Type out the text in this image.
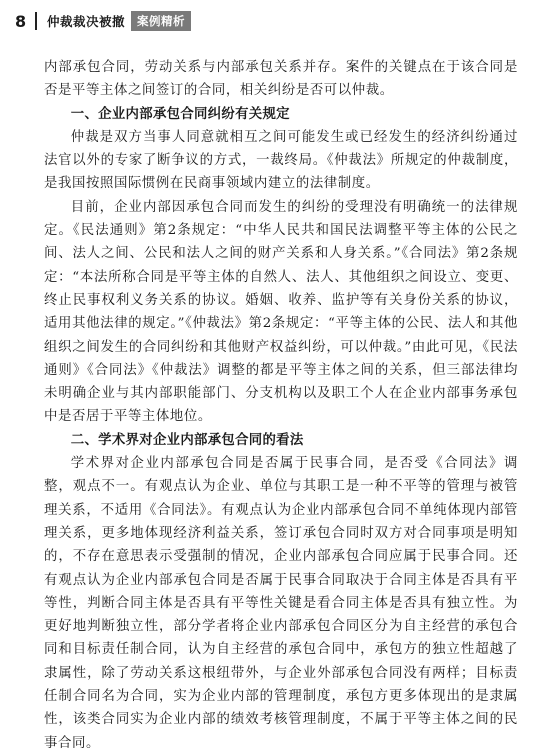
8 仲裁裁决被撤	案例精析

内部承包合同，劳动关系与内部承包关系并存。案件的关键点在于该合同是否是平等主体之间签订的合同，相关纠纷是否可以仲裁。

一、企业内部承包合同纠纷有关规定

仲裁是双方当事人同意就相互之间可能发生或已经发生的经济纠纷通过法官以外的专家了断争议的方式，一裁终局。《仲裁法》所规定的仲裁制度，是我国按照国际惯例在民商事领域内建立的法律制度。

目前，企业内部因承包合同而发生的纠纷的受理没有明确统一的法律规定。《民法通则》第2条规定：“中华人民共和国民法调整平等主体的公民之间、法人之间、公民和法人之间的财产关系和人身关系。”《合同法》第2条规定：“本法所称合同是平等主体的自然人、法人、其他组织之间设立、变更、终止民事权利义务关系的协议。婚姻、收养、监护等有关身份关系的协议，适用其他法律的规定。”《仲裁法》第2条规定：“平等主体的公民、法人和其他组织之间发生的合同纠纷和其他财产权益纠纷，可以仲裁。”由此可见，《民法通则》《合同法》《仲裁法》调整的都是平等主体之间的关系，但三部法律均未明确企业与其内部职能部门、分支机构以及职工个人在企业内部事务承包中是否居于平等主体地位。

二、学术界对企业内部承包合同的看法

学术界对企业内部承包合同是否属于民事合同，是否受《合同法》调整，观点不一。有观点认为企业、单位与其职工是一种不平等的管理与被管理关系，不适用《合同法》。有观点认为企业内部承包合同不单纯体现内部管理关系，更多地体现经济利益关系，签订承包合同时双方对合同事项是明知的，不存在意思表示受强制的情况，企业内部承包合同应属于民事合同。还有观点认为企业内部承包合同是否属于民事合同取决于合同主体是否具有平等性，判断合同主体是否具有平等性关键是看合同主体是否具有独立性。为更好地判断独立性，部分学者将企业内部承包合同区分为自主经营的承包合同和目标责任制合同，认为自主经营的承包合同中，承包方的独立性超越了隶属性，除了劳动关系这根纽带外，与企业外部承包合同没有两样；目标责任制合同名为合同，实为企业内部的管理制度，承包方更多体现出的是隶属性，该类合同实为企业内部的绩效考核管理制度，不属于平等主体之间的民事合同。
